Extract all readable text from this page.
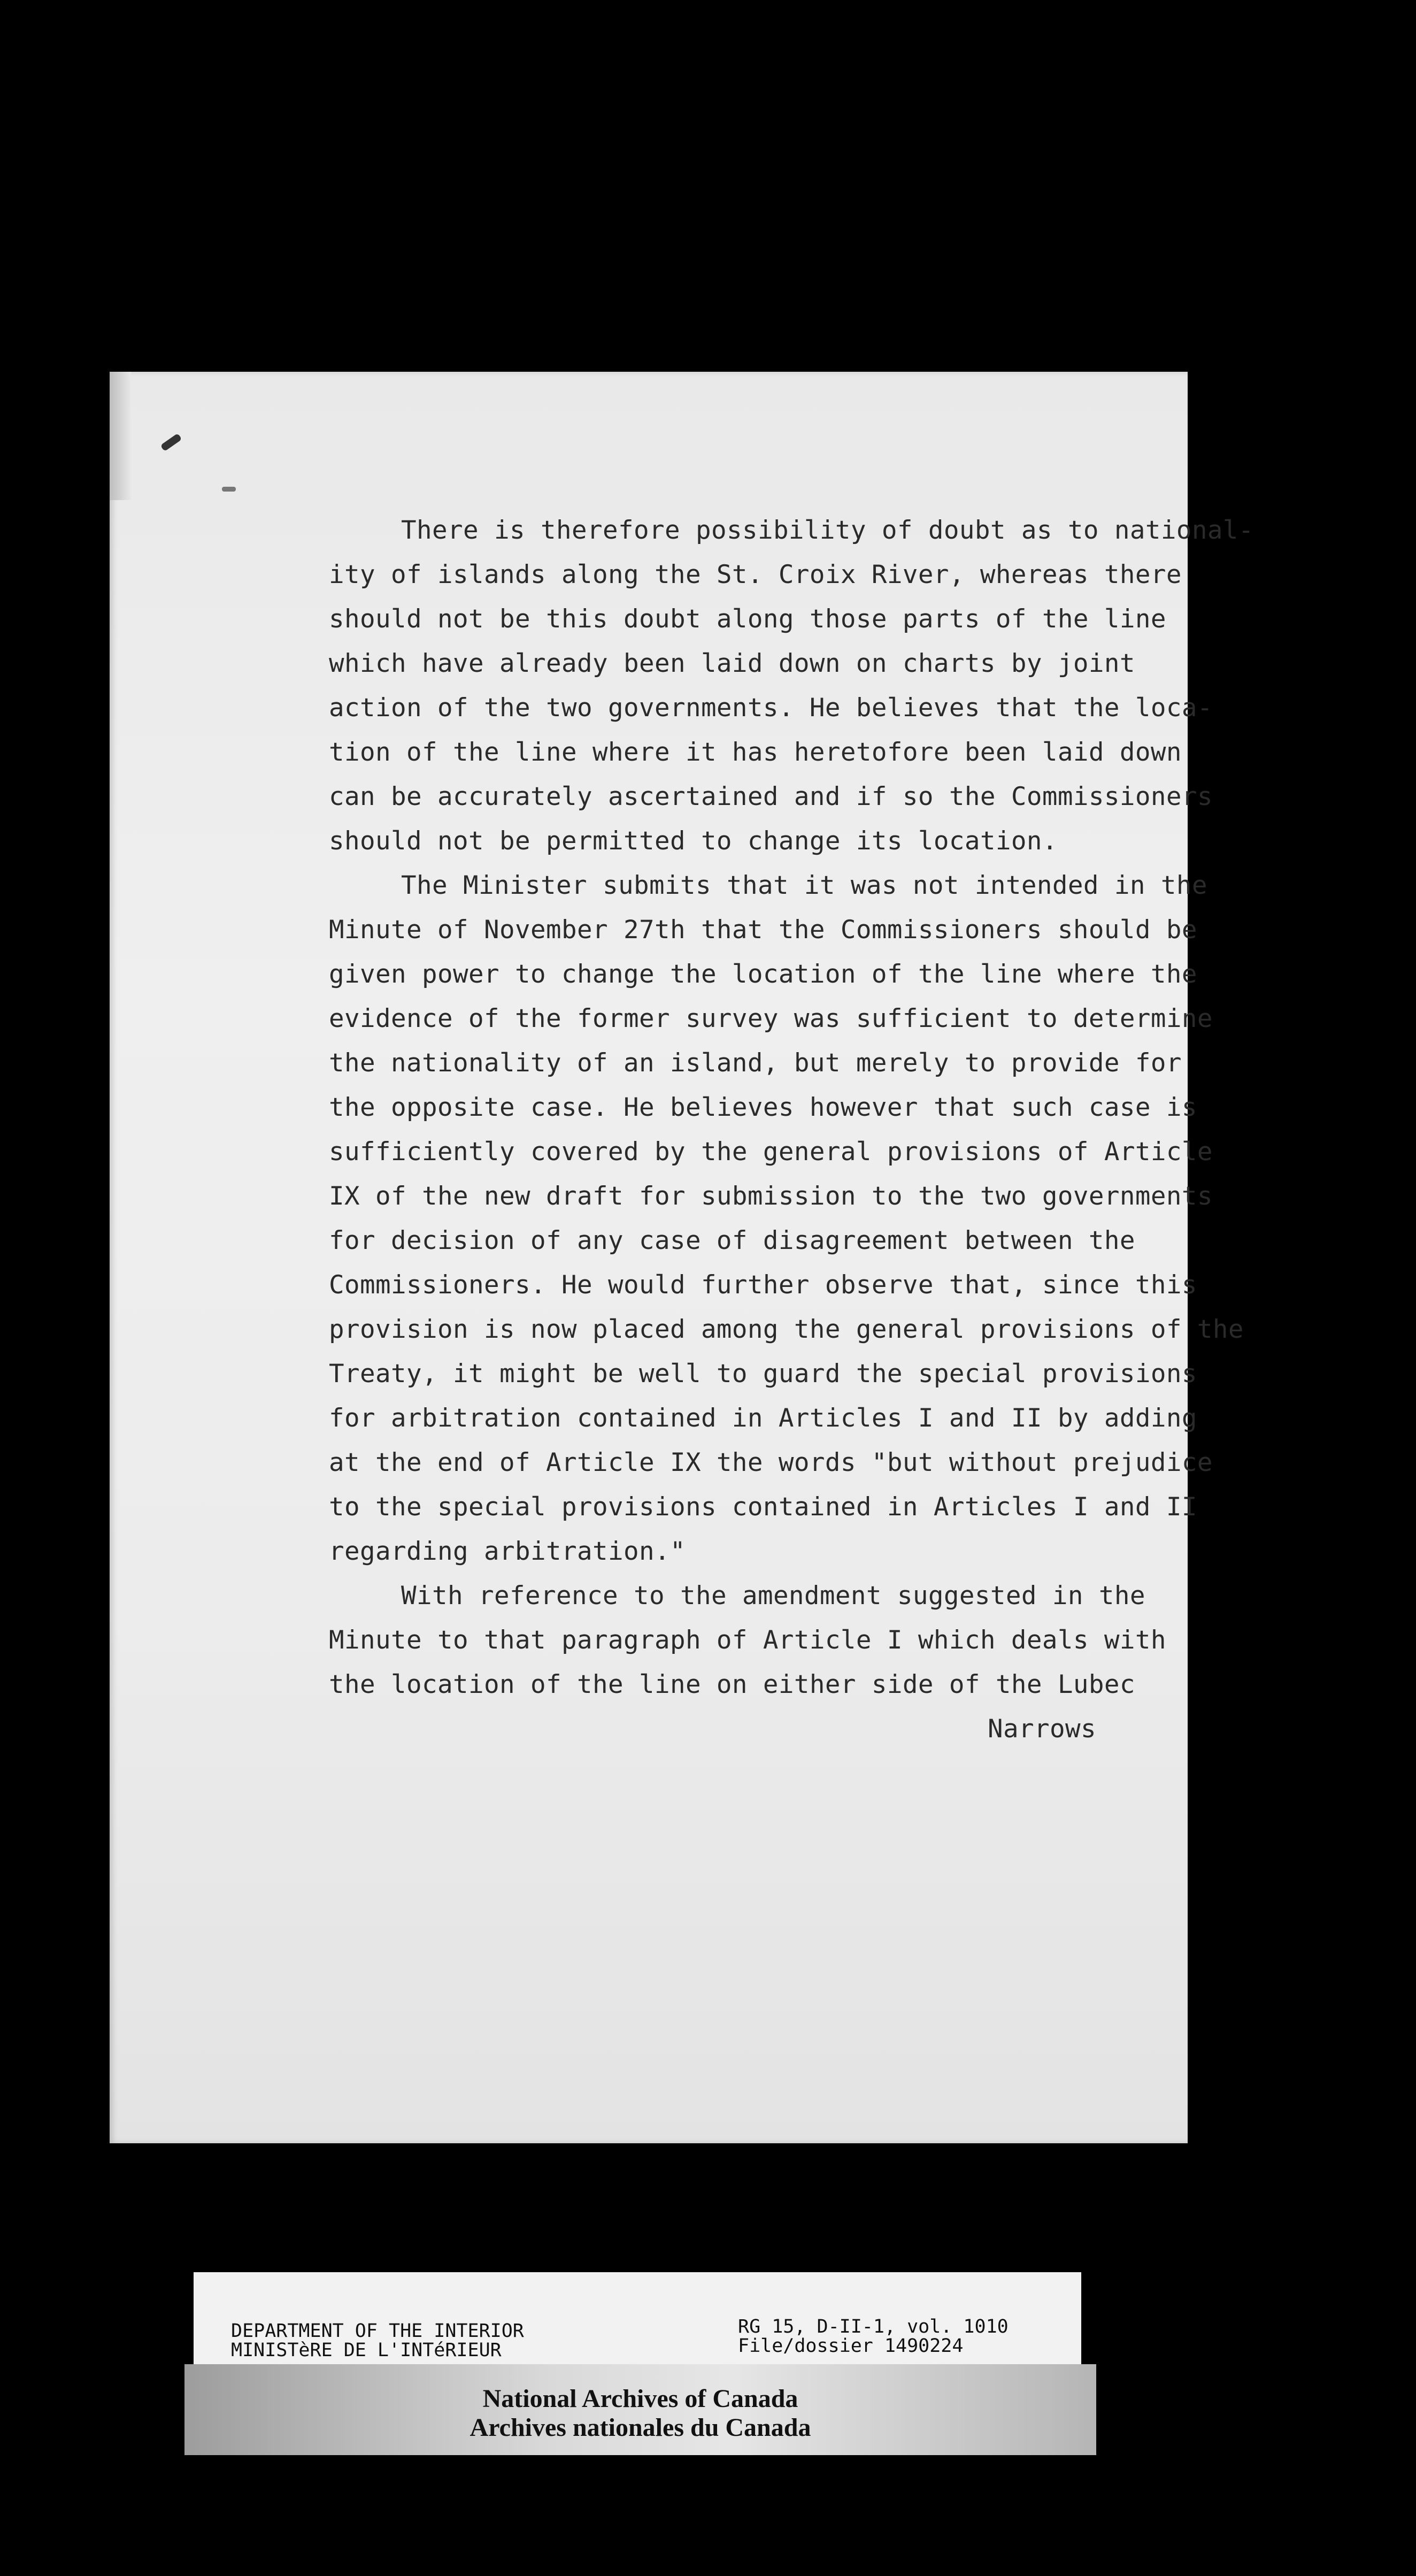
There is therefore possibility of doubt as to national-
ity of islands along the St. Croix River, whereas there
should not be this doubt along those parts of the line
which have already been laid down on charts by joint
action of the two governments. He believes that the loca-
tion of the line where it has heretofore been laid down
can be accurately ascertained and if so the Commissioners
should not be permitted to change its location.
The Minister submits that it was not intended in the
Minute of November 27th that the Commissioners should be
given power to change the location of the line where the
evidence of the former survey was sufficient to determine
the nationality of an island, but merely to provide for
the opposite case. He believes however that such case is
sufficiently covered by the general provisions of Article
IX of the new draft for submission to the two governments
for decision of any case of disagreement between the
Commissioners. He would further observe that, since this
provision is now placed among the general provisions of the
Treaty, it might be well to guard the special provisions
for arbitration contained in Articles I and II by adding
at the end of Article IX the words "but without prejudice
to the special provisions contained in Articles I and II
regarding arbitration."
With reference to the amendment suggested in the
Minute to that paragraph of Article I which deals with
the location of the line on either side of the Lubec
Narrows
DEPARTMENT OF THE INTERIOR
MINISTèRE DE L'INTéRIEUR
RG 15, D-II-1, vol. 1010
File/dossier 1490224
National Archives of Canada
Archives nationales du Canada
